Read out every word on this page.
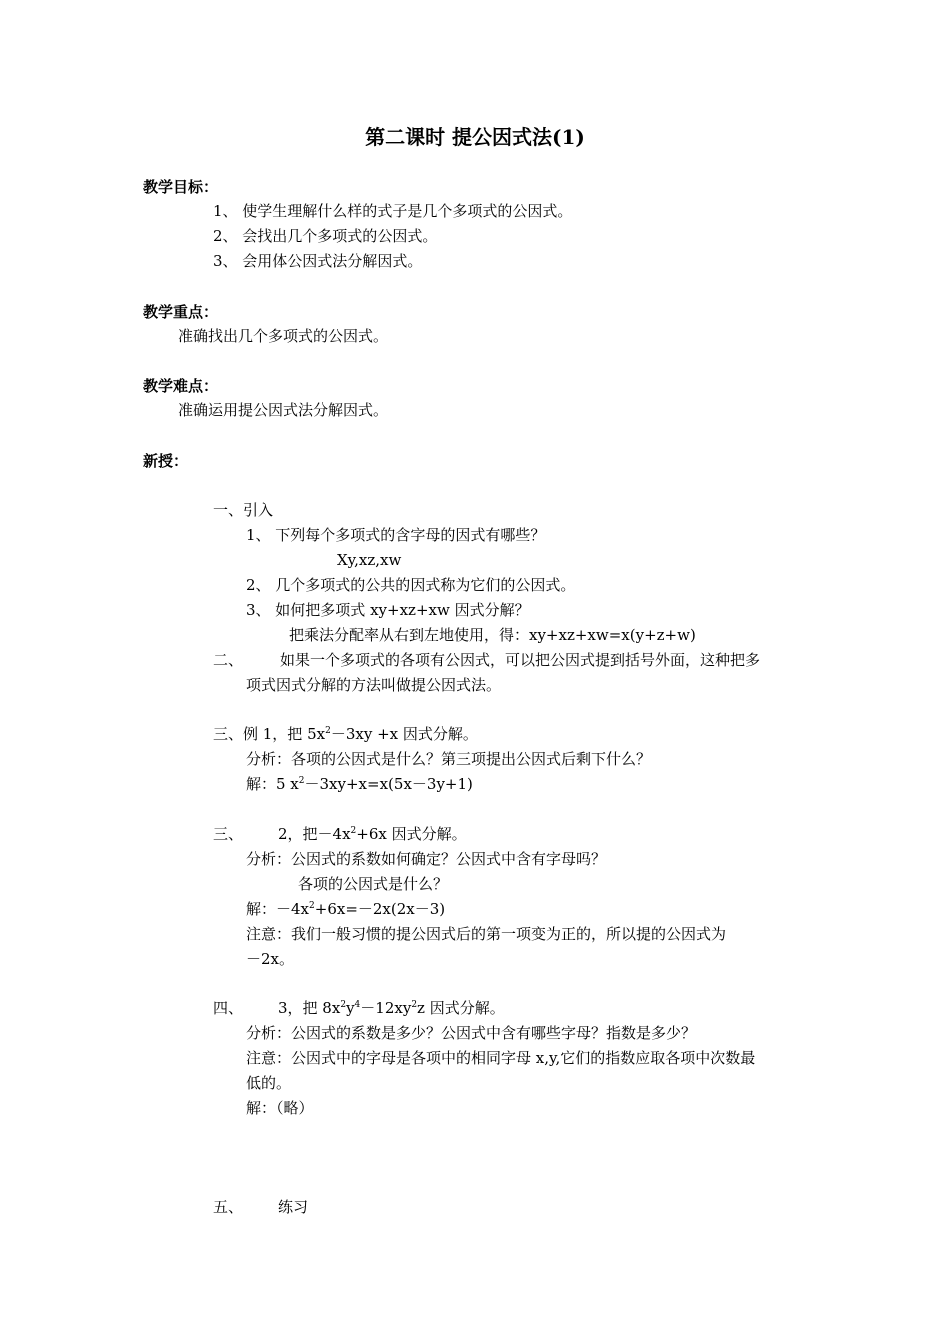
第二课时 提公因式法(1)
教学目标：
1、 使学生理解什么样的式子是几个多项式的公因式。
2、 会找出几个多项式的公因式。
3、 会用体公因式法分解因式。
教学重点：
准确找出几个多项式的公因式。
教学难点：
准确运用提公因式法分解因式。
新授：
一、引入
1、 下列每个多项式的含字母的因式有哪些？
Xy,xz,xw
2、 几个多项式的公共的因式称为它们的公因式。
3、 如何把多项式 xy+xz+xw 因式分解？
把乘法分配率从右到左地使用，得：xy+xz+xw=x(y+z+w)
二、 如果一个多项式的各项有公因式，可以把公因式提到括号外面，这种把多
项式因式分解的方法叫做提公因式法。
三、例 1，把 $5x^2-3xy +x$ 因式分解。
分析：各项的公因式是什么？第三项提出公因式后剩下什么？
解：5 $x^2-3xy+x=x(5x-3y+1)$
三、 2，把$-4x^2+6x$ 因式分解。
分析：公因式的系数如何确定？公因式中含有字母吗？
各项的公因式是什么？
解：$-4x^2+6x=-2x(2x-3)$
注意：我们一般习惯的提公因式后的第一项变为正的，所以提的公因式为
－2x。
四、 3，把 $8x^2y^4-12xy^2z$ 因式分解。
分析：公因式的系数是多少？公因式中含有哪些字母？指数是多少？
注意：公因式中的字母是各项中的相同字母 x,y,它们的指数应取各项中次数最
低的。
解：（略）
五、 练习
